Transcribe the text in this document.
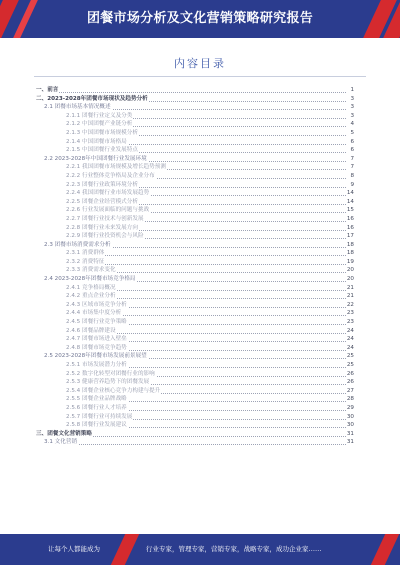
团餐市场分析及文化营销策略研究报告
内容目录
一、前言	1
二、2023-2028年团餐市场现状及趋势分析	3
2.1 团餐市场基本情况概述	3
2.1.1 团餐行业定义及分类	3
2.1.2 中国团餐产业链分析	4
2.1.3 中国团餐市场规模分析	5
2.1.4 中国团餐市场格局	6
2.1.5 中国团餐行业发展特点	6
2.2 2023-2028年中国团餐行业发展环境	7
2.2.1 我国团餐市场规模及增长趋势预测	7
2.2.2 行业整体竞争格局及企业分布	8
2.2.3 团餐行业政策环境分析	9
2.2.4 我国团餐行业市场发展趋势	14
2.2.5 团餐企业经营模式分析	14
2.2.6 行业发展面临的问题与挑战	15
2.2.7 团餐行业技术与创新发展	16
2.2.8 团餐行业未来发展方向	16
2.2.9 团餐行业投资机会与风险	17
2.3 团餐市场消费需求分析	18
2.3.1 消费群体	18
2.3.2 消费特征	19
2.3.3 消费需求变化	20
2.4 2023-2028年团餐市场竞争格局	20
2.4.1 竞争格局概况	21
2.4.2 重点企业分析	21
2.4.3 区域市场竞争分析	22
2.4.4 市场集中度分析	23
2.4.5 团餐行业竞争策略	23
2.4.6 团餐品牌建设	24
2.4.7 团餐市场进入壁垒	24
2.4.8 团餐市场竞争趋势	24
2.5 2023-2028年团餐市场发展前景展望	25
2.5.1 市场发展潜力分析	25
2.5.2 数字化转型对团餐行业的影响	26
2.5.3 健康营养趋势下的团餐发展	26
2.5.4 团餐企业核心竞争力构建与提升	27
2.5.5 团餐企业品牌战略	28
2.5.6 团餐行业人才培养	29
2.5.7 团餐行业可持续发展	30
2.5.8 团餐行业发展建议	30
三、团餐文化营销策略	31
3.1 文化营销	31
让每个人都能成为	行业专家，管理专家，营销专家，战略专家，成功企业家……
